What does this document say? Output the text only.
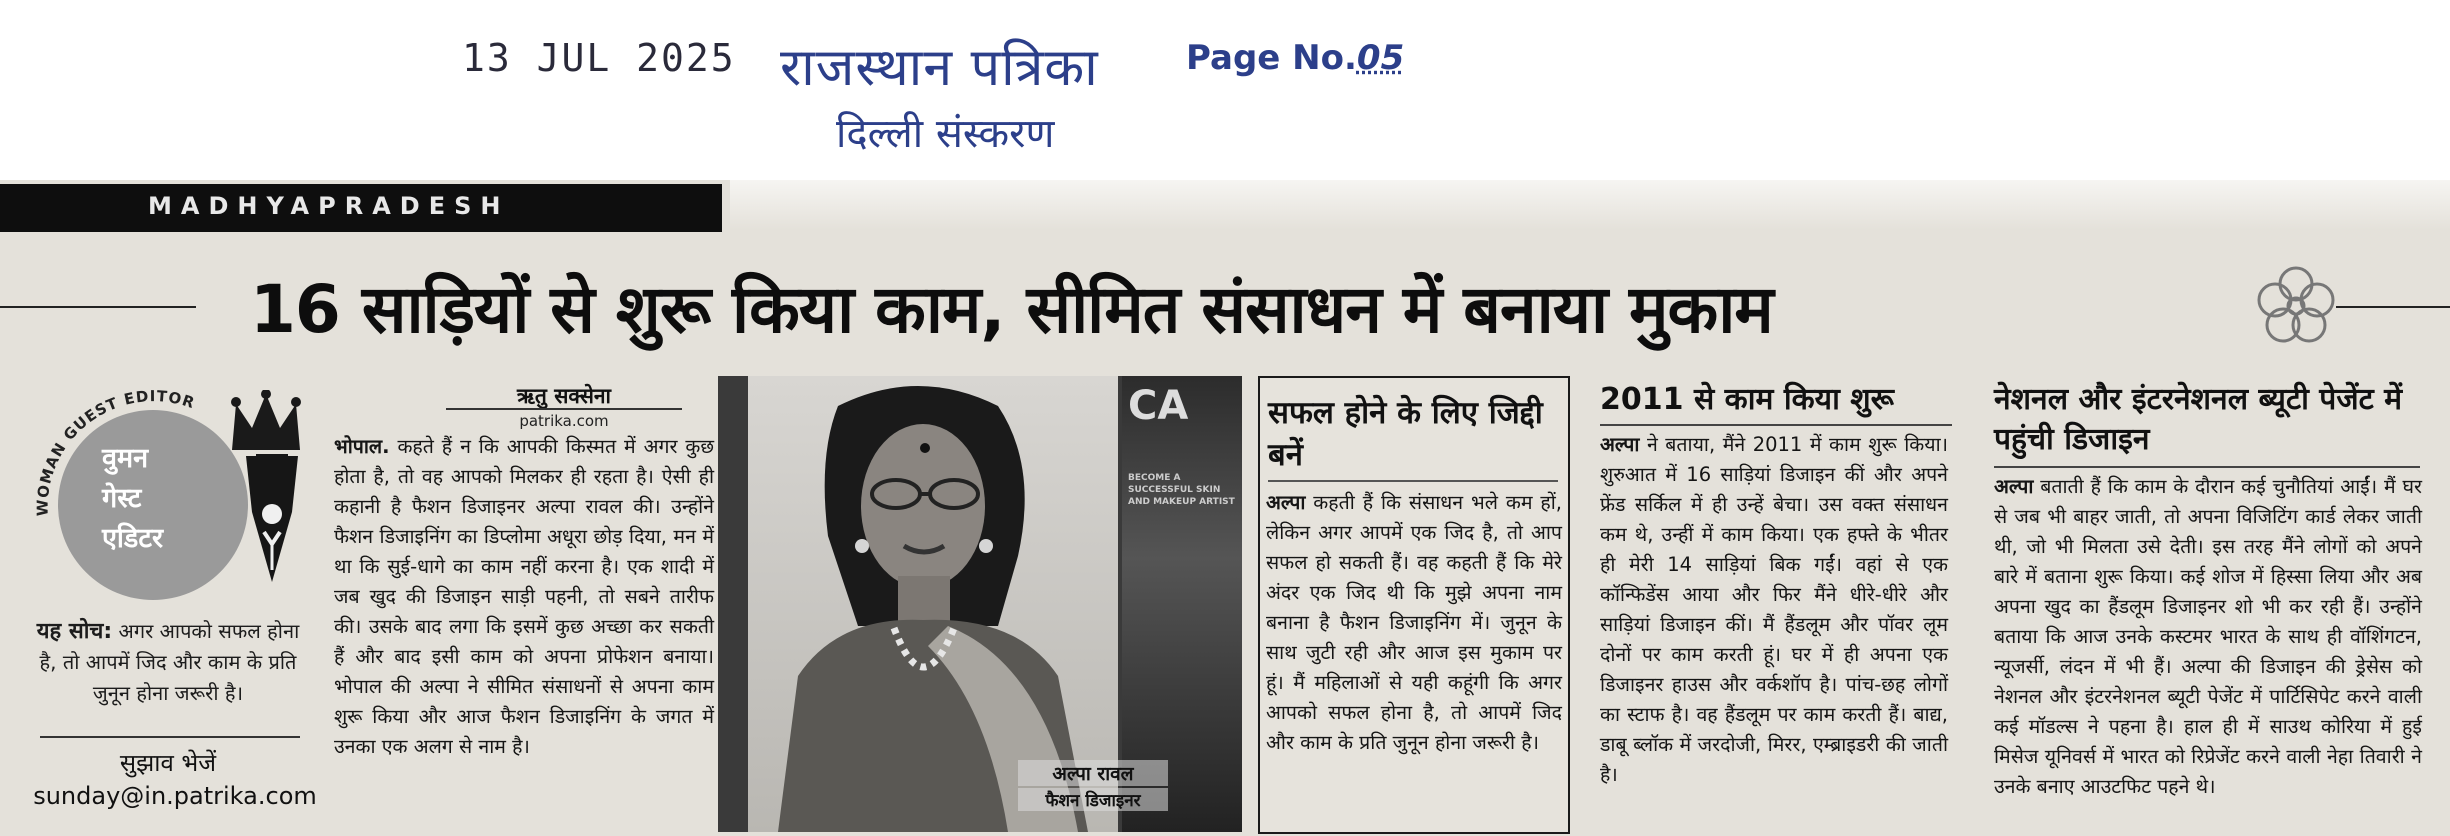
13 JUL 2025 राजस्थान पत्रिका
दिल्ली संस्करण
Page No.05
MADHYAPRADESH
16 साड़ियों से शुरू किया काम, सीमित संसाधन में बनाया मुकाम
WOMAN GUEST EDITOR
वुमन
गेस्ट
एडिटर
यह सोच: अगर आपको सफल होना है, तो आपमें जिद और काम के प्रति जुनून होना जरूरी है।
सुझाव भेजें
sunday@in.patrika.com
ऋतु सक्सेना
patrika.com
भोपाल. कहते हैं न कि आपकी किस्मत में अगर कुछ होता है, तो वह आपको मिलकर ही रहता है। ऐसी ही कहानी है फैशन डिजाइनर अल्पा रावल की। उन्होंने फैशन डिजाइनिंग का डिप्लोमा अधूरा छोड़ दिया, मन में था कि सुई-धागे का काम नहीं करना है। एक शादी में जब खुद की डिजाइन साड़ी पहनी, तो सबने तारीफ की। उसके बाद लगा कि इसमें कुछ अच्छा कर सकती हैं और बाद इसी काम को अपना प्रोफेशन बनाया। भोपाल की अल्पा ने सीमित संसाधनों से अपना काम शुरू किया और आज फैशन डिजाइनिंग के जगत में उनका एक अलग से नाम है।
CA
BECOME A SUCCESSFUL SKIN AND MAKEUP ARTIST
अल्पा रावल
फैशन डिजाइनर
सफल होने के लिए जिद्दी बनें
अल्पा कहती हैं कि संसाधन भले कम हों, लेकिन अगर आपमें एक जिद है, तो आप सफल हो सकती हैं। वह कहती हैं कि मेरे अंदर एक जिद थी कि मुझे अपना नाम बनाना है फैशन डिजाइनिंग में। जुनून के साथ जुटी रही और आज इस मुकाम पर हूं। मैं महिलाओं से यही कहूंगी कि अगर आपको सफल होना है, तो आपमें जिद और काम के प्रति जुनून होना जरूरी है।
2011 से काम किया शुरू
अल्पा ने बताया, मैंने 2011 में काम शुरू किया। शुरुआत में 16 साड़ियां डिजाइन कीं और अपने फ्रेंड सर्किल में ही उन्हें बेचा। उस वक्त संसाधन कम थे, उन्हीं में काम किया। एक हफ्ते के भीतर ही मेरी 14 साड़ियां बिक गईं। वहां से एक कॉन्फिडेंस आया और फिर मैंने धीरे-धीरे और साड़ियां डिजाइन कीं। मैं हैंडलूम और पॉवर लूम दोनों पर काम करती हूं। घर में ही अपना एक डिजाइनर हाउस और वर्कशॉप है। पांच-छह लोगों का स्टाफ है। वह हैंडलूम पर काम करती हैं। बाद्य, डाबू ब्लॉक में जरदोजी, मिरर, एम्ब्राइडरी की जाती है।
नेशनल और इंटरनेशनल ब्यूटी पेजेंट में पहुंची डिजाइन
अल्पा बताती हैं कि काम के दौरान कई चुनौतियां आईं। मैं घर से जब भी बाहर जाती, तो अपना विजिटिंग कार्ड लेकर जाती थी, जो भी मिलता उसे देती। इस तरह मैंने लोगों को अपने बारे में बताना शुरू किया। कई शोज में हिस्सा लिया और अब अपना खुद का हैंडलूम डिजाइनर शो भी कर रही हैं। उन्होंने बताया कि आज उनके कस्टमर भारत के साथ ही वॉशिंगटन, न्यूजर्सी, लंदन में भी हैं। अल्पा की डिजाइन की ड्रेसेस को नेशनल और इंटरनेशनल ब्यूटी पेजेंट में पार्टिसिपेट करने वाली कई मॉडल्स ने पहना है। हाल ही में साउथ कोरिया में हुई मिसेज यूनिवर्स में भारत को रिप्रेजेंट करने वाली नेहा तिवारी ने उनके बनाए आउटफिट पहने थे।
